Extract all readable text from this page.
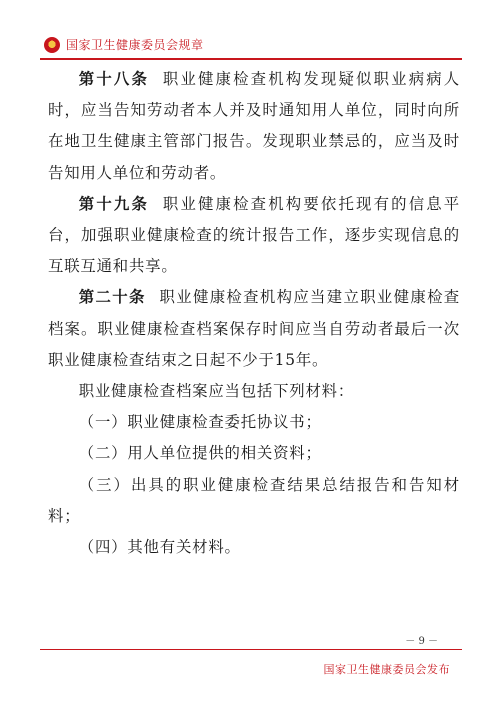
国家卫生健康委员会规章

第十八条 职业健康检查机构发现疑似职业病病人时，应当告知劳动者本人并及时通知用人单位，同时向所在地卫生健康主管部门报告。发现职业禁忌的，应当及时告知用人单位和劳动者。

第十九条 职业健康检查机构要依托现有的信息平台，加强职业健康检查的统计报告工作，逐步实现信息的互联互通和共享。

第二十条 职业健康检查机构应当建立职业健康检查档案。职业健康检查档案保存时间应当自劳动者最后一次职业健康检查结束之日起不少于15年。

职业健康检查档案应当包括下列材料：

（一）职业健康检查委托协议书；

（二）用人单位提供的相关资料；

（三）出具的职业健康检查结果总结报告和告知材料；

（四）其他有关材料。

－ 9 －
国家卫生健康委员会发布
